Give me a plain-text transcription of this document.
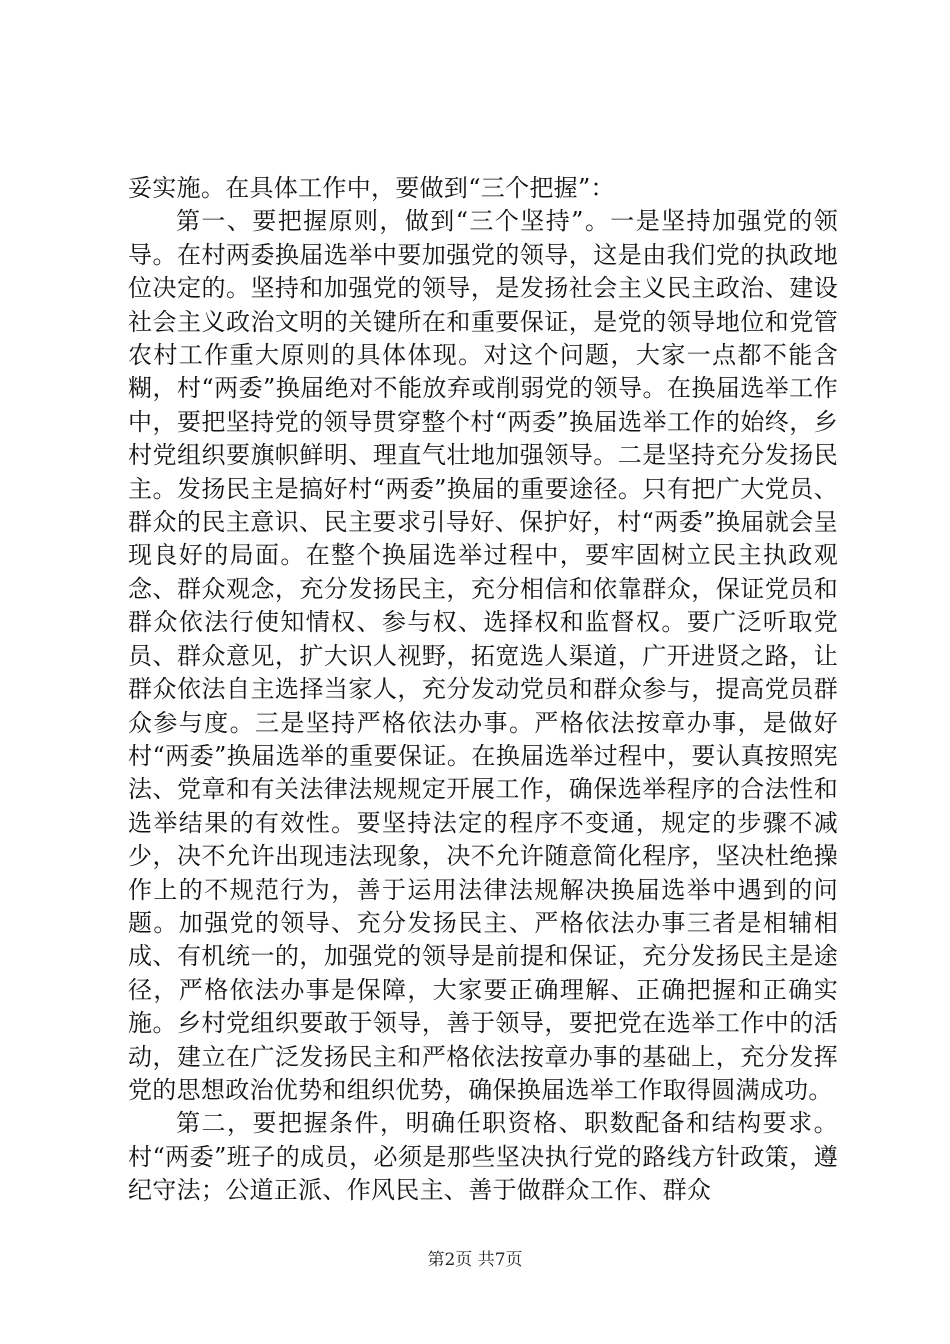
妥实施。在具体工作中，要做到“三个把握”：

第一、要把握原则，做到“三个坚持”。一是坚持加强党的领导。在村两委换届选举中要加强党的领导，这是由我们党的执政地位决定的。坚持和加强党的领导，是发扬社会主义民主政治、建设社会主义政治文明的关键所在和重要保证，是党的领导地位和党管农村工作重大原则的具体体现。对这个问题，大家一点都不能含糊，村“两委”换届绝对不能放弃或削弱党的领导。在换届选举工作中，要把坚持党的领导贯穿整个村“两委”换届选举工作的始终，乡村党组织要旗帜鲜明、理直气壮地加强领导。二是坚持充分发扬民主。发扬民主是搞好村“两委”换届的重要途径。只有把广大党员、群众的民主意识、民主要求引导好、保护好，村“两委”换届就会呈现良好的局面。在整个换届选举过程中，要牢固树立民主执政观念、群众观念，充分发扬民主，充分相信和依靠群众，保证党员和群众依法行使知情权、参与权、选择权和监督权。要广泛听取党员、群众意见，扩大识人视野，拓宽选人渠道，广开进贤之路，让群众依法自主选择当家人，充分发动党员和群众参与，提高党员群众参与度。三是坚持严格依法办事。严格依法按章办事，是做好村“两委”换届选举的重要保证。在换届选举过程中，要认真按照宪法、党章和有关法律法规规定开展工作，确保选举程序的合法性和选举结果的有效性。要坚持法定的程序不变通，规定的步骤不减少，决不允许出现违法现象，决不允许随意简化程序，坚决杜绝操作上的不规范行为，善于运用法律法规解决换届选举中遇到的问题。加强党的领导、充分发扬民主、严格依法办事三者是相辅相成、有机统一的，加强党的领导是前提和保证，充分发扬民主是途径，严格依法办事是保障，大家要正确理解、正确把握和正确实施。乡村党组织要敢于领导，善于领导，要把党在选举工作中的活动，建立在广泛发扬民主和严格依法按章办事的基础上，充分发挥党的思想政治优势和组织优势，确保换届选举工作取得圆满成功。

第二，要把握条件，明确任职资格、职数配备和结构要求。村“两委”班子的成员，必须是那些坚决执行党的路线方针政策，遵纪守法；公道正派、作风民主、善于做群众工作、群众

第2页 共7页
